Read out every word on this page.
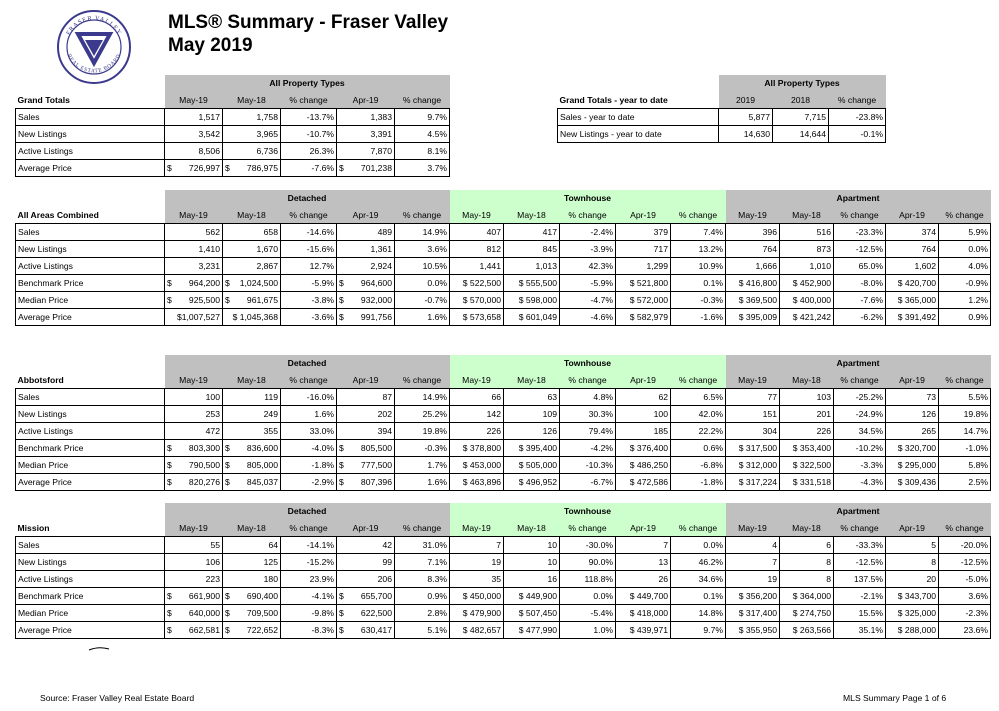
FRASER VALLEY
REAL ESTATE BOARD
MLS® Summary - Fraser Valley
May 2019
	All Property Types				
Grand Totals	May-19	May-18	% change	Apr-19	% change
Sales	1,517	1,758	-13.7%	1,383	9.7%
New Listings	3,542	3,965	-10.7%	3,391	4.5%
Active Listings	8,506	6,736	26.3%	7,870	8.1%
Average Price	$ 726,997	$ 786,975	-7.6%	$ 701,238	3.7%
	All Property Types		
Grand Totals - year to date	2019	2018	% change
Sales - year to date	5,877	7,715	-23.8%
New Listings - year to date	14,630	14,644	-0.1%
	Detached					Townhouse					Apartment				
All Areas Combined	May-19	May-18	% change	Apr-19	% change	May-19	May-18	% change	Apr-19	% change	May-19	May-18	% change	Apr-19	% change
Sales	562	658	-14.6%	489	14.9%	407	417	-2.4%	379	7.4%	396	516	-23.3%	374	5.9%
New Listings	1,410	1,670	-15.6%	1,361	3.6%	812	845	-3.9%	717	13.2%	764	873	-12.5%	764	0.0%
Active Listings	3,231	2,867	12.7%	2,924	10.5%	1,441	1,013	42.3%	1,299	10.9%	1,666	1,010	65.0%	1,602	4.0%
Benchmark Price	$ 964,200	$ 1,024,500	-5.9%	$ 964,600	0.0%	$ 522,500	$ 555,500	-5.9%	$ 521,800	0.1%	$ 416,800	$ 452,900	-8.0%	$ 420,700	-0.9%
Median Price	$ 925,500	$ 961,675	-3.8%	$ 932,000	-0.7%	$ 570,000	$ 598,000	-4.7%	$ 572,000	-0.3%	$ 369,500	$ 400,000	-7.6%	$ 365,000	1.2%
Average Price	$1,007,527	$ 1,045,368	-3.6%	$ 991,756	1.6%	$ 573,658	$ 601,049	-4.6%	$ 582,979	-1.6%	$ 395,009	$ 421,242	-6.2%	$ 391,492	0.9%
	Detached					Townhouse					Apartment				
Abbotsford	May-19	May-18	% change	Apr-19	% change	May-19	May-18	% change	Apr-19	% change	May-19	May-18	% change	Apr-19	% change
Sales	100	119	-16.0%	87	14.9%	66	63	4.8%	62	6.5%	77	103	-25.2%	73	5.5%
New Listings	253	249	1.6%	202	25.2%	142	109	30.3%	100	42.0%	151	201	-24.9%	126	19.8%
Active Listings	472	355	33.0%	394	19.8%	226	126	79.4%	185	22.2%	304	226	34.5%	265	14.7%
Benchmark Price	$ 803,300	$ 836,600	-4.0%	$ 805,500	-0.3%	$ 378,800	$ 395,400	-4.2%	$ 376,400	0.6%	$ 317,500	$ 353,400	-10.2%	$ 320,700	-1.0%
Median Price	$ 790,500	$ 805,000	-1.8%	$ 777,500	1.7%	$ 453,000	$ 505,000	-10.3%	$ 486,250	-6.8%	$ 312,000	$ 322,500	-3.3%	$ 295,000	5.8%
Average Price	$ 820,276	$ 845,037	-2.9%	$ 807,396	1.6%	$ 463,896	$ 496,952	-6.7%	$ 472,586	-1.8%	$ 317,224	$ 331,518	-4.3%	$ 309,436	2.5%
	Detached					Townhouse					Apartment				
Mission	May-19	May-18	% change	Apr-19	% change	May-19	May-18	% change	Apr-19	% change	May-19	May-18	% change	Apr-19	% change
Sales	55	64	-14.1%	42	31.0%	7	10	-30.0%	7	0.0%	4	6	-33.3%	5	-20.0%
New Listings	106	125	-15.2%	99	7.1%	19	10	90.0%	13	46.2%	7	8	-12.5%	8	-12.5%
Active Listings	223	180	23.9%	206	8.3%	35	16	118.8%	26	34.6%	19	8	137.5%	20	-5.0%
Benchmark Price	$ 661,900	$ 690,400	-4.1%	$ 655,700	0.9%	$ 450,000	$ 449,900	0.0%	$ 449,700	0.1%	$ 356,200	$ 364,000	-2.1%	$ 343,700	3.6%
Median Price	$ 640,000	$ 709,500	-9.8%	$ 622,500	2.8%	$ 479,900	$ 507,450	-5.4%	$ 418,000	14.8%	$ 317,400	$ 274,750	15.5%	$ 325,000	-2.3%
Average Price	$ 662,581	$ 722,652	-8.3%	$ 630,417	5.1%	$ 482,657	$ 477,990	1.0%	$ 439,971	9.7%	$ 355,950	$ 263,566	35.1%	$ 288,000	23.6%
Source: Fraser Valley Real Estate Board	MLS Summary Page 1 of 6
